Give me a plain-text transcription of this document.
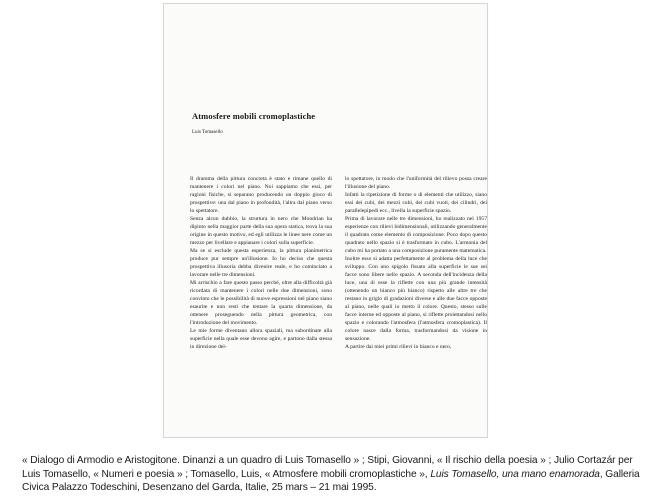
Atmosfere mobili cromoplastiche
Luis Tomasello

Il dramma della pittura concreta è stato e rimane quello di mantenere i colori nel piano. Noi sappiamo che essi, per ragioni fisiche, si separano producendo un doppio gioco di prospettive: una dal piano in profondità, l'altra dal piano verso lo spettatore.

Senza alcun dubbio, la struttura in nero che Mondrian ha dipinto nella maggior parte della sua opera statica, trova la sua origine in questo motivo, ed egli utilizza le linee nere come un mezzo per livellare e appianare i colori sulla superficie.

Ma se si esclude questa esperienza, la pittura planimetrica produce pur sempre un'illusione. Io ho deciso che questa prospettiva illusoria debba divenire reale, e ho cominciato a lavorare nelle tre dimensioni.

Mi arrischio a fare questo passo perché, oltre alla difficoltà già ricordata di mantenere i colori nelle due dimensioni, sono convinto che le possibilità di nuove espressioni nel piano siano esaurite e non resti che tentare la quarta dimensione, da ottenere proseguendo nella pittura geometrica, con l'introduzione del movimento.

Le mie forme diventano allora spaziali, ma subordinate alla superficie nella quale esse devono agire, e partono dalla stessa in direzione del-

lo spettatore, in modo che l'uniformità del rilievo possa creare l'illusione del piano.

Infatti la ripetizione di forme o di elementi che utilizzo, siano essi dei cubi, dei mezzi cubi, dei cubi vuoti, dei cilindri, dei parallelepipedi ecc., livella la superficie spazio.

Prima di lavorare nelle tre dimensioni, ho realizzato nel 1957 esperienze con rilievi bidimensionali, utilizzando generalmente il quadrato come elemento di composizione. Poco dopo questo quadrato nello spazio si è trasformato in cubo. L'armonia del cubo mi ha portato a una composizione puramente matematica.

Inoltre esso si adatta perfettamente al problema della luce che sviluppo. Con uno spigolo fissato alla superficie le sue sei facce sono libere nello spazio. A seconda dell'incidenza della luce, una di esse la riflette con una più grande intensità (ottenendo un bianco più bianco) rispetto alle altre tre che restano in grigio di gradazioni diverse e alle due facce opposte al piano, nelle quali io metto il colore. Questo, stesso sulle facce interne ed opposte al piano, si riflette proiettandosi nello spazio e colorando l'atmosfera (l'atmosfera cromoplastica). Il colore nasce dalla forma, trasformandosi da visione in sensazione.

A partire dai miei primi rilievi in bianco e nero,

« Dialogo di Armodio e Aristogitone. Dinanzi a un quadro di Luis Tomasello » ; Stipi, Giovanni, « Il rischio della poesia » ; Julio Cortazár per Luis Tomasello, « Numeri e poesia » ; Tomasello, Luis, « Atmosfere mobili cromoplastiche », Luis Tomasello, una mano enamorada, Galleria Civica Palazzo Todeschini, Desenzano del Garda, Italie, 25 mars – 21 mai 1995.
